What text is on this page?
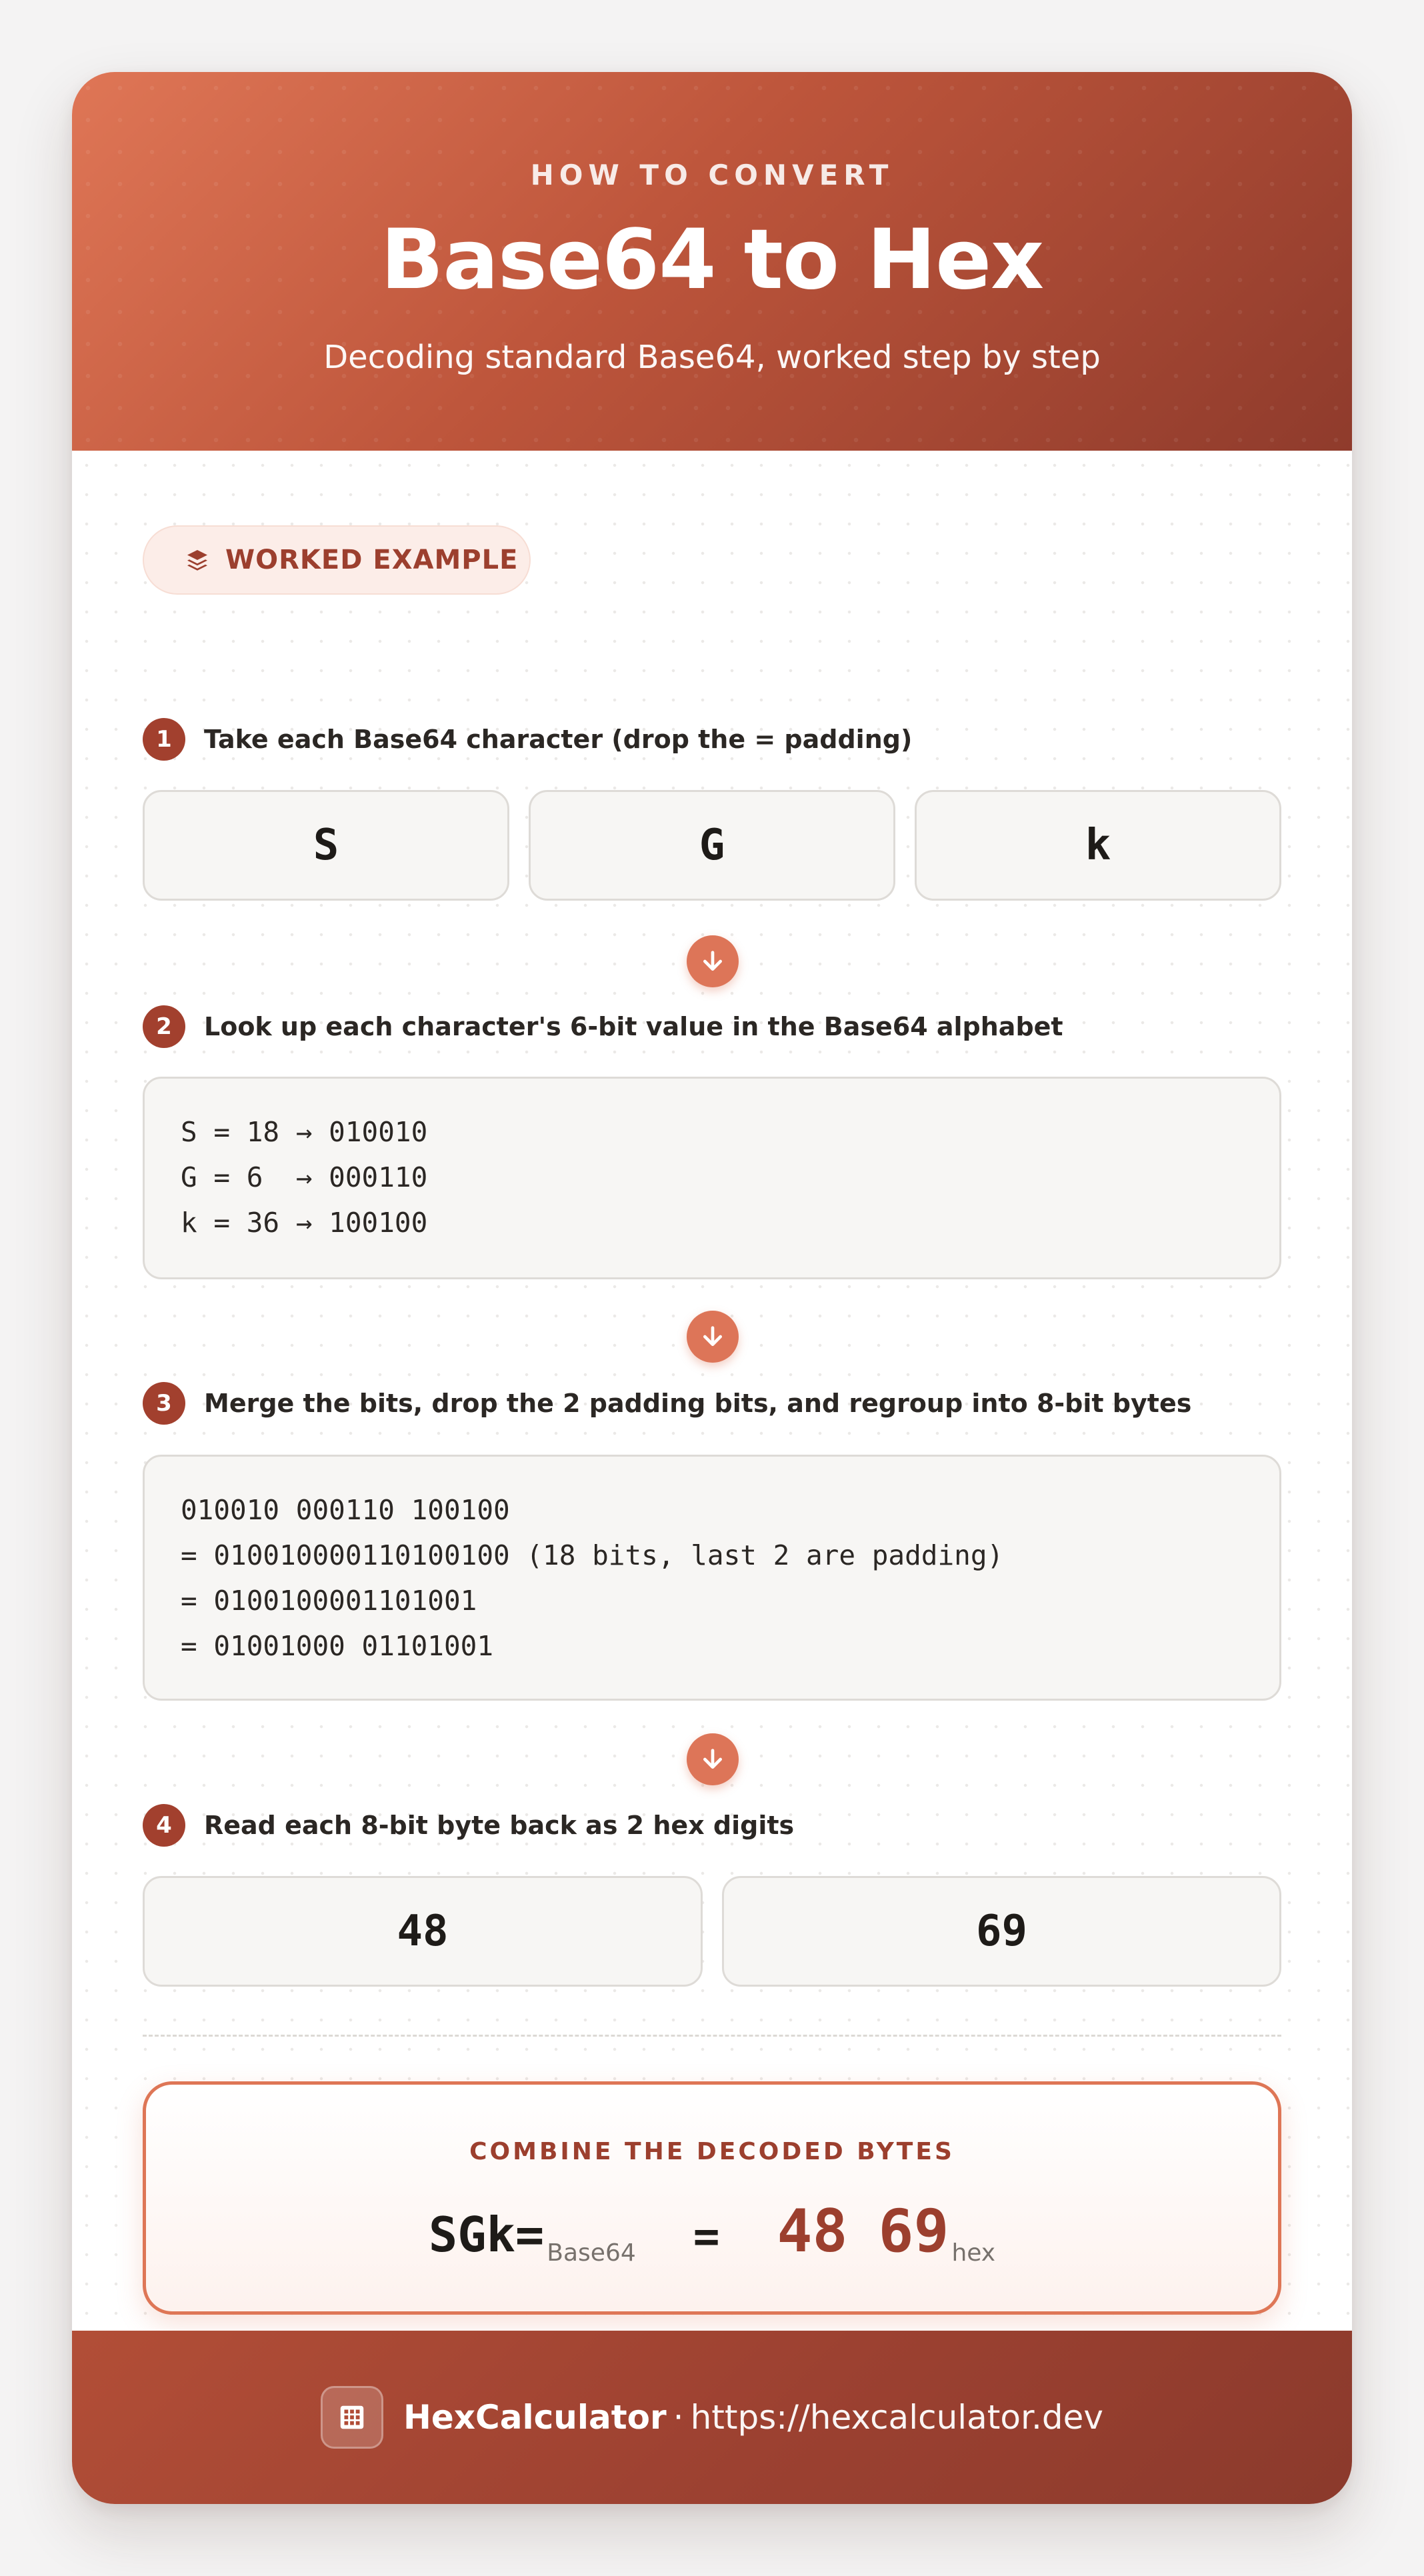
HOW TO CONVERT
Base64 to Hex
Decoding standard Base64, worked step by step
WORKED EXAMPLE
1	Take each Base64 character (drop the = padding)
S	G	k
2	Look up each character's 6-bit value in the Base64 alphabet
S = 18 → 010010
G = 6  → 000110
k = 36 → 100100
3	Merge the bits, drop the 2 padding bits, and regroup into 8-bit bytes
010010 000110 100100
= 010010000110100100 (18 bits, last 2 are padding)
= 0100100001101001
= 01001000 01101001
4	Read each 8-bit byte back as 2 hex digits
48	69
COMBINE THE DECODED BYTES
SGk= Base64 = 48 69 hex
HexCalculator · https://hexcalculator.dev
